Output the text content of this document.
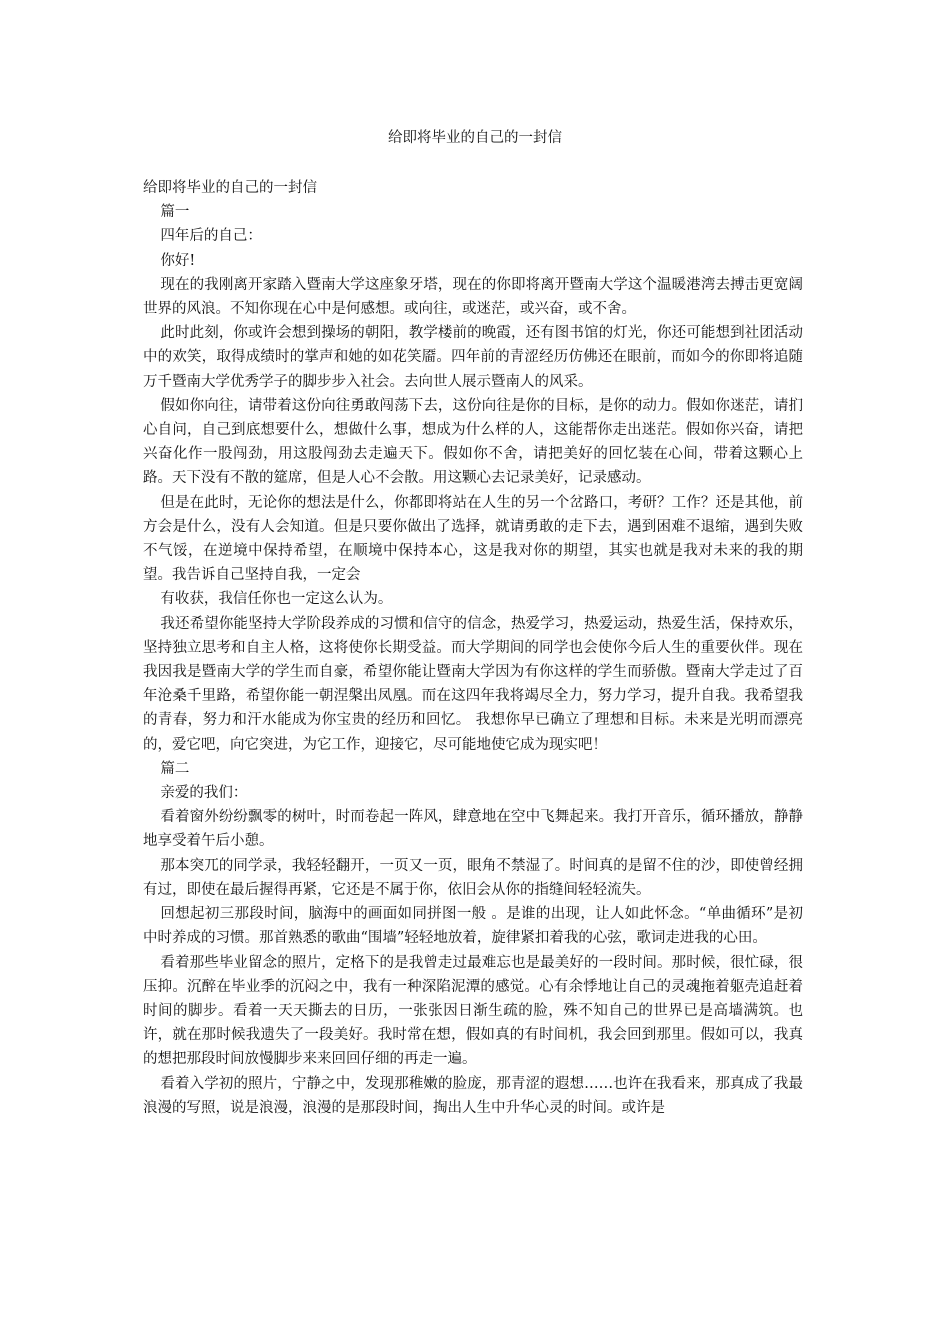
给即将毕业的自己的一封信

给即将毕业的自己的一封信

篇一

四年后的自己：

你好!

现在的我刚离开家踏入暨南大学这座象牙塔，现在的你即将离开暨南大学这个温暖港湾去搏击更宽阔世界的风浪。不知你现在心中是何感想。或向往，或迷茫，或兴奋，或不舍。

此时此刻，你或许会想到操场的朝阳，教学楼前的晚霞，还有图书馆的灯光，你还可能想到社团活动中的欢笑，取得成绩时的掌声和她的如花笑靥。四年前的青涩经历仿佛还在眼前，而如今的你即将追随万千暨南大学优秀学子的脚步步入社会。去向世人展示暨南人的风采。

假如你向往，请带着这份向往勇敢闯荡下去，这份向往是你的目标，是你的动力。假如你迷茫，请扪心自问，自己到底想要什么，想做什么事，想成为什么样的人，这能帮你走出迷茫。假如你兴奋，请把兴奋化作一股闯劲，用这股闯劲去走遍天下。假如你不舍，请把美好的回忆装在心间，带着这颗心上路。天下没有不散的筵席，但是人心不会散。用这颗心去记录美好，记录感动。

但是在此时，无论你的想法是什么，你都即将站在人生的另一个岔路口，考研？工作？还是其他，前方会是什么，没有人会知道。但是只要你做出了选择，就请勇敢的走下去，遇到困难不退缩，遇到失败不气馁，在逆境中保持希望，在顺境中保持本心，这是我对你的期望，其实也就是我对未来的我的期望。我告诉自己坚持自我，一定会

有收获，我信任你也一定这么认为。

我还希望你能坚持大学阶段养成的习惯和信守的信念，热爱学习，热爱运动，热爱生活，保持欢乐，坚持独立思考和自主人格，这将使你长期受益。而大学期间的同学也会使你今后人生的重要伙伴。现在我因我是暨南大学的学生而自豪，希望你能让暨南大学因为有你这样的学生而骄傲。暨南大学走过了百年沧桑千里路，希望你能一朝涅槃出凤凰。而在这四年我将竭尽全力，努力学习，提升自我。我希望我的青春，努力和汗水能成为你宝贵的经历和回忆。 我想你早已确立了理想和目标。未来是光明而漂亮的，爱它吧，向它突进，为它工作，迎接它，尽可能地使它成为现实吧！

篇二

亲爱的我们：

看着窗外纷纷飘零的树叶，时而卷起一阵风，肆意地在空中飞舞起来。我打开音乐，循环播放，静静地享受着午后小憩。

那本突兀的同学录，我轻轻翻开，一页又一页，眼角不禁湿了。时间真的是留不住的沙，即使曾经拥有过，即使在最后握得再紧，它还是不属于你，依旧会从你的指缝间轻轻流失。

回想起初三那段时间，脑海中的画面如同拼图一般 。是谁的出现，让人如此怀念。“单曲循环”是初中时养成的习惯。那首熟悉的歌曲“围墙”轻轻地放着，旋律紧扣着我的心弦，歌词走进我的心田。

看着那些毕业留念的照片，定格下的是我曾走过最难忘也是最美好的一段时间。那时候，很忙碌，很压抑。沉醉在毕业季的沉闷之中，我有一种深陷泥潭的感觉。心有余悸地让自己的灵魂拖着躯壳追赶着时间的脚步。看着一天天撕去的日历，一张张因日渐生疏的脸，殊不知自己的世界已是高墙满筑。也许，就在那时候我遗失了一段美好。我时常在想，假如真的有时间机，我会回到那里。假如可以，我真的想把那段时间放慢脚步来来回回仔细的再走一遍。

看着入学初的照片，宁静之中，发现那稚嫩的脸庞，那青涩的遐想……也许在我看来，那真成了我最浪漫的写照，说是浪漫，浪漫的是那段时间，掏出人生中升华心灵的时间。或许是
